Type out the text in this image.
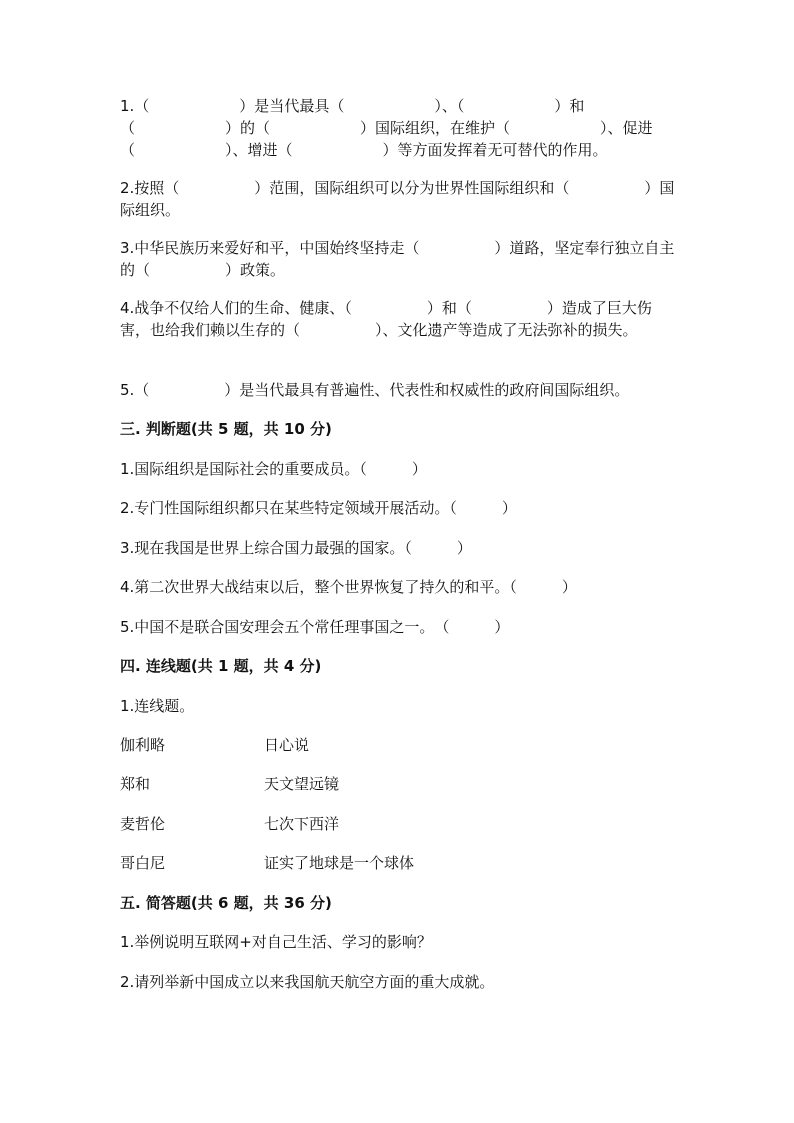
1.（　　　　　　）是当代最具（　　　　　　）、（　　　　　　）和（　　　　　　）的（　　　　　　）国际组织，在维护（　　　　　　）、促进（　　　　　　）、增进（　　　　　　）等方面发挥着无可替代的作用。
2.按照（　　　　　）范围，国际组织可以分为世界性国际组织和（　　　　　）国际组织。
3.中华民族历来爱好和平，中国始终坚持走（　　　　　）道路，坚定奉行独立自主的（　　　　　）政策。
4.战争不仅给人们的生命、健康、（　　　　　）和（　　　　　）造成了巨大伤害，也给我们赖以生存的（　　　　　）、文化遗产等造成了无法弥补的损失。
5.（　　　　　）是当代最具有普遍性、代表性和权威性的政府间国际组织。
三. 判断题(共 5 题，共 10 分)
1.国际组织是国际社会的重要成员。（　　　）
2.专门性国际组织都只在某些特定领域开展活动。（　　　）
3.现在我国是世界上综合国力最强的国家。（　　　）
4.第二次世界大战结束以后，整个世界恢复了持久的和平。（　　　）
5.中国不是联合国安理会五个常任理事国之一。　（　　　）
四. 连线题(共 1 题，共 4 分)
1.连线题。
伽利略	日心说
郑和	天文望远镜
麦哲伦	七次下西洋
哥白尼	证实了地球是一个球体
五. 简答题(共 6 题，共 36 分)
1.举例说明互联网+对自己生活、学习的影响？
2.请列举新中国成立以来我国航天航空方面的重大成就。
